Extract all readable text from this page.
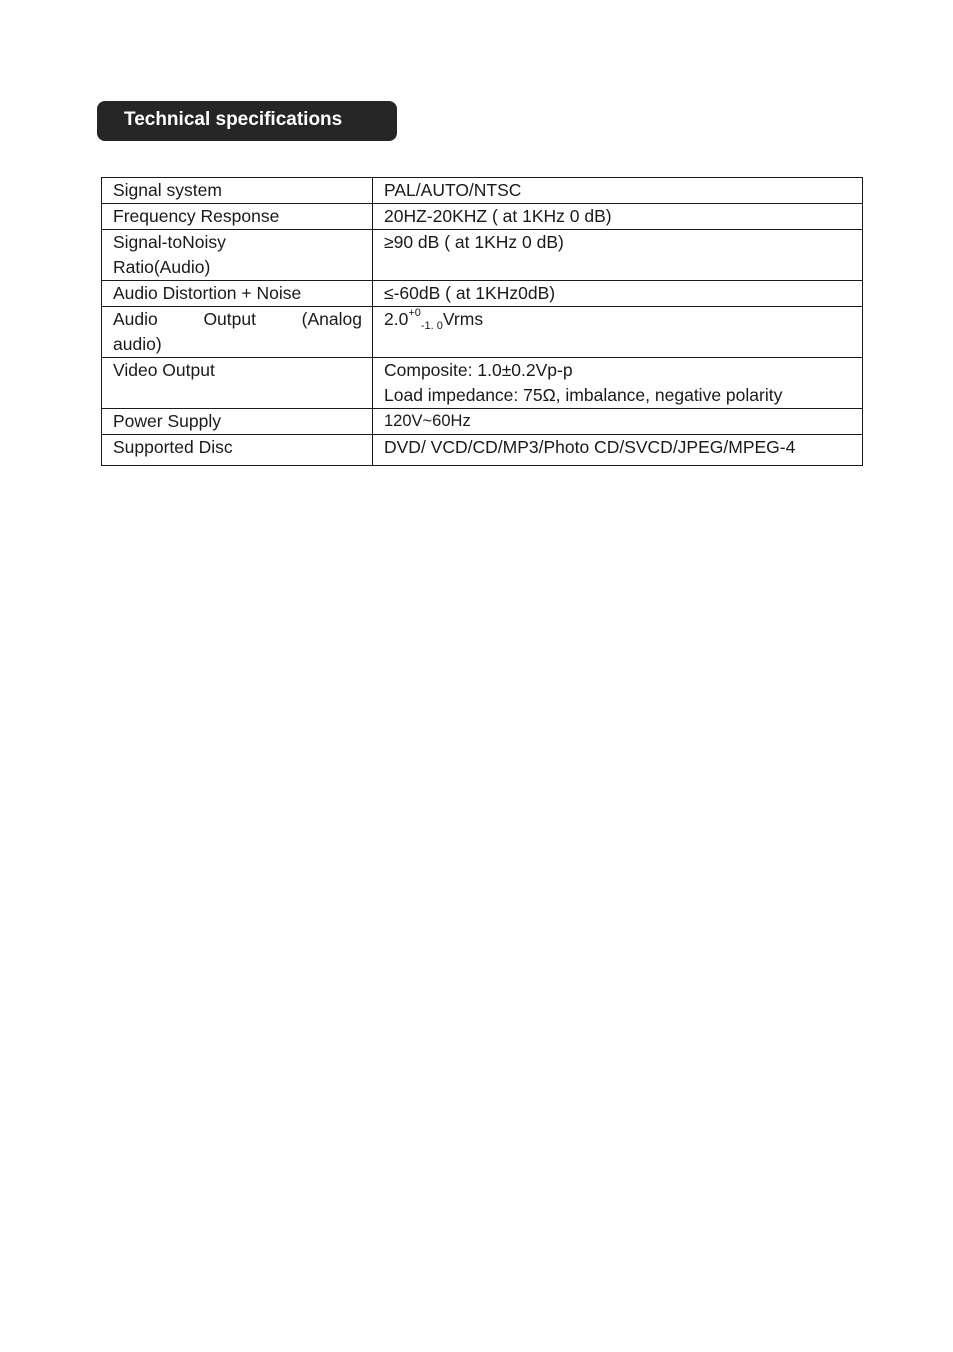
Technical specifications
Signal system	PAL/AUTO/NTSC
Frequency Response	20HZ-20KHZ ( at 1KHz 0 dB)

Signal-toNoisy
Ratio(Audio)	≥90 dB ( at 1KHz 0 dB)
Audio Distortion + Noise	≤-60dB ( at 1KHz0dB)

Audio Output (Analog
audio)	$2.0^{+0}_{-1. 0}Vrms$
Video Output	Composite: 1.0±0.2Vp-p
Load impedance: 75Ω, imbalance, negative polarity

Power Supply	120V~60Hz
Supported Disc	DVD/ VCD/CD/MP3/Photo CD/SVCD/JPEG/MPEG-4
